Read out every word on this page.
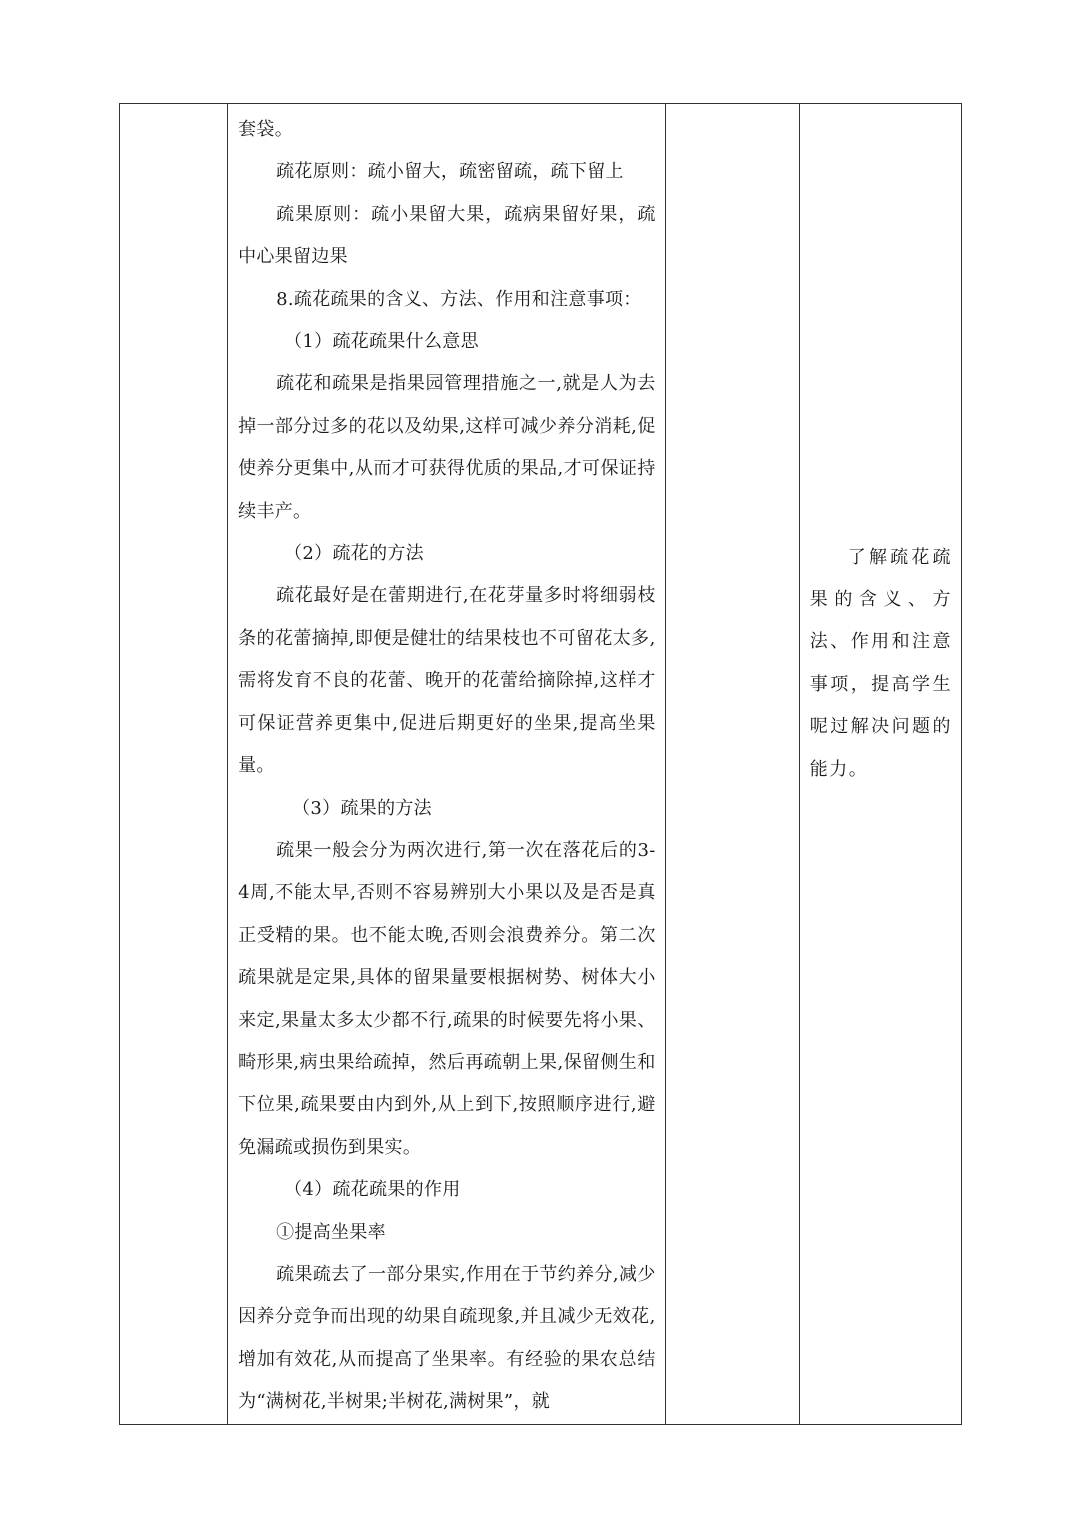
套袋。

疏花原则：疏小留大，疏密留疏，疏下留上

疏果原则：疏小果留大果，疏病果留好果，疏中心果留边果

8.疏花疏果的含义、方法、作用和注意事项：

（1）疏花疏果什么意思

疏花和疏果是指果园管理措施之一,就是人为去掉一部分过多的花以及幼果,这样可减少养分消耗,促使养分更集中,从而才可获得优质的果品,才可保证持续丰产。

（2）疏花的方法

疏花最好是在蕾期进行,在花芽量多时将细弱枝条的花蕾摘掉,即便是健壮的结果枝也不可留花太多,需将发育不良的花蕾、晚开的花蕾给摘除掉,这样才可保证营养更集中,促进后期更好的坐果,提高坐果量。

（3）疏果的方法

疏果一般会分为两次进行,第一次在落花后的3-4周,不能太早,否则不容易辨别大小果以及是否是真正受精的果。也不能太晚,否则会浪费养分。第二次疏果就是定果,具体的留果量要根据树势、树体大小来定,果量太多太少都不行,疏果的时候要先将小果、畸形果,病虫果给疏掉，然后再疏朝上果,保留侧生和下位果,疏果要由内到外,从上到下,按照顺序进行,避免漏疏或损伤到果实。

（4）疏花疏果的作用

①提高坐果率

疏果疏去了一部分果实,作用在于节约养分,减少因养分竞争而出现的幼果自疏现象,并且减少无效花,增加有效花,从而提高了坐果率。有经验的果农总结为“满树花,半树果;半树花,满树果”，就

了解疏花疏果的含义、方法、作用和注意事项，提高学生呢过解决问题的能力。
